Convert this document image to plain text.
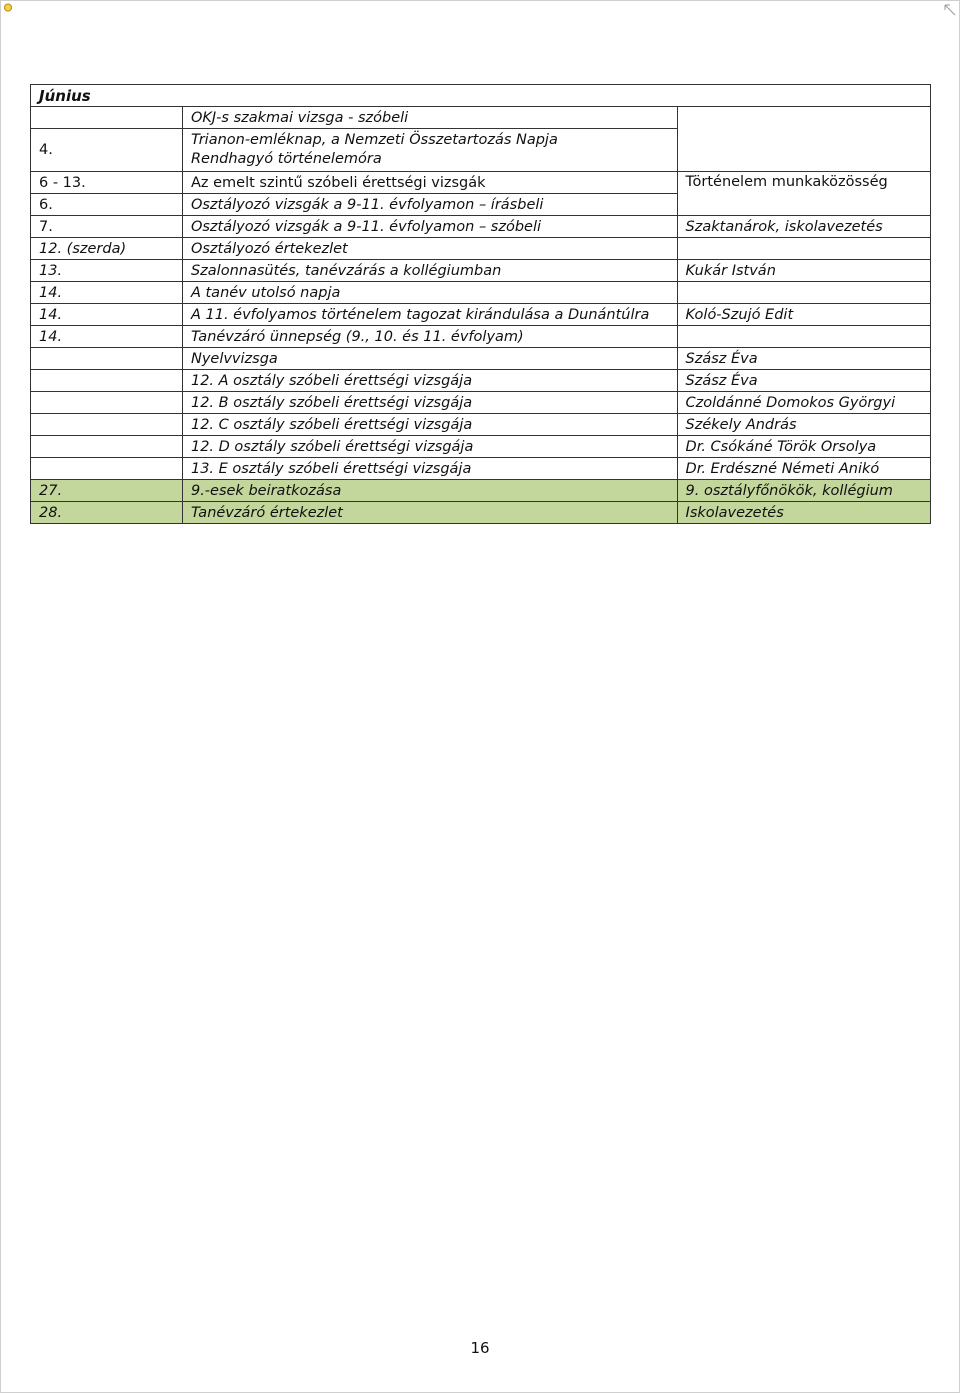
Június		
	OKJ-s szakmai vizsga - szóbeli	
4.	Trianon-emléknap, a Nemzeti Összetartozás Napja
Rendhagyó történelemóra	

6 - 13.	Az emelt szintű szóbeli érettségi vizsgák	Történelem munkaközösség
6.	Osztályozó vizsgák a 9-11. évfolyamon – írásbeli	
7.	Osztályozó vizsgák a 9-11. évfolyamon – szóbeli	Szaktanárok, iskolavezetés
12. (szerda)	Osztályozó értekezlet	
13.	Szalonnasütés, tanévzárás a kollégiumban	Kukár István
14.	A tanév utolsó napja	
14.	A 11. évfolyamos történelem tagozat kirándulása a Dunántúlra	Koló-Szujó Edit
14.	Tanévzáró ünnepség (9., 10. és 11. évfolyam)	
	Nyelvvizsga	Szász Éva
	12. A osztály szóbeli érettségi vizsgája	Szász Éva
	12. B osztály szóbeli érettségi vizsgája	Czoldánné Domokos Györgyi
	12. C osztály szóbeli érettségi vizsgája	Székely András
	12. D osztály szóbeli érettségi vizsgája	Dr. Csókáné Török Orsolya
	13. E osztály szóbeli érettségi vizsgája	Dr. Erdészné Németi Anikó
27.	9.-esek beiratkozása	9. osztályfőnökök, kollégium
28.	Tanévzáró értekezlet	Iskolavezetés
16
